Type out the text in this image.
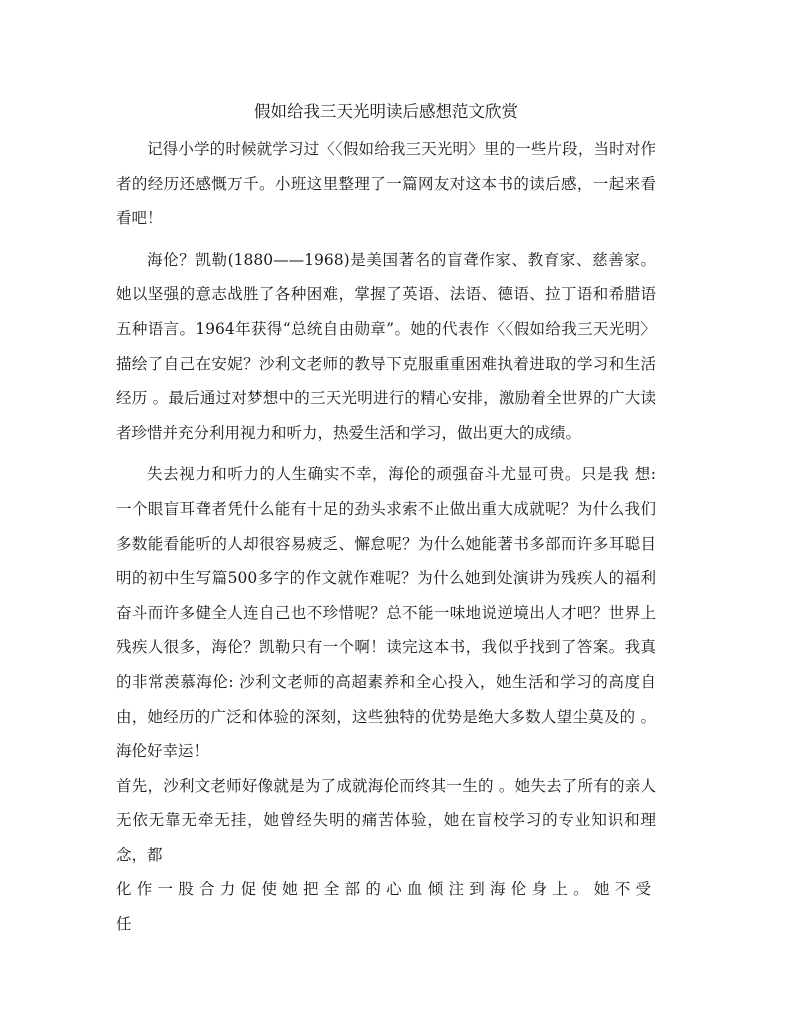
假如给我三天光明读后感想范文欣赏

记得小学的时候就学习过〈〈假如给我三天光明〉里的一些片段，当时对作者的经历还感慨万千。小班这里整理了一篇网友对这本书的读后感，一起来看看吧！

海伦？凯勒(1880——1968)是美国著名的盲聋作家、教育家、慈善家。她以坚强的意志战胜了各种困难，掌握了英语、法语、德语、拉丁语和希腊语五种语言。1964年获得“总统自由勋章”。她的代表作〈〈假如给我三天光明〉描绘了自己在安妮？沙利文老师的教导下克服重重困难执着进取的学习和生活经历 。最后通过对梦想中的三天光明进行的精心安排，激励着全世界的广大读者珍惜并充分利用视力和听力，热爱生活和学习，做出更大的成绩。

失去视力和听力的人生确实不幸，海伦的顽强奋斗尤显可贵。只是我 想: 一个眼盲耳聋者凭什么能有十足的劲头求索不止做出重大成就呢？为什么我们多数能看能听的人却很容易疲乏、懈怠呢？为什么她能著书多部而许多耳聪目明的初中生写篇500多字的作文就作难呢？为什么她到处演讲为残疾人的福利奋斗而许多健全人连自己也不珍惜呢？总不能一味地说逆境出人才吧？世界上残疾人很多，海伦？凯勒只有一个啊！读完这本书，我似乎找到了答案。我真的非常羡慕海伦: 沙利文老师的高超素养和全心投入，她生活和学习的高度自由，她经历的广泛和体验的深刻，这些独特的优势是绝大多数人望尘莫及的 。海伦好幸运！

首先，沙利文老师好像就是为了成就海伦而终其一生的 。她失去了所有的亲人无依无靠无牵无挂，她曾经失明的痛苦体验，她在盲校学习的专业知识和理念，都

化作一股合力促使她把全部的心血倾注到海伦身上。她不受任
